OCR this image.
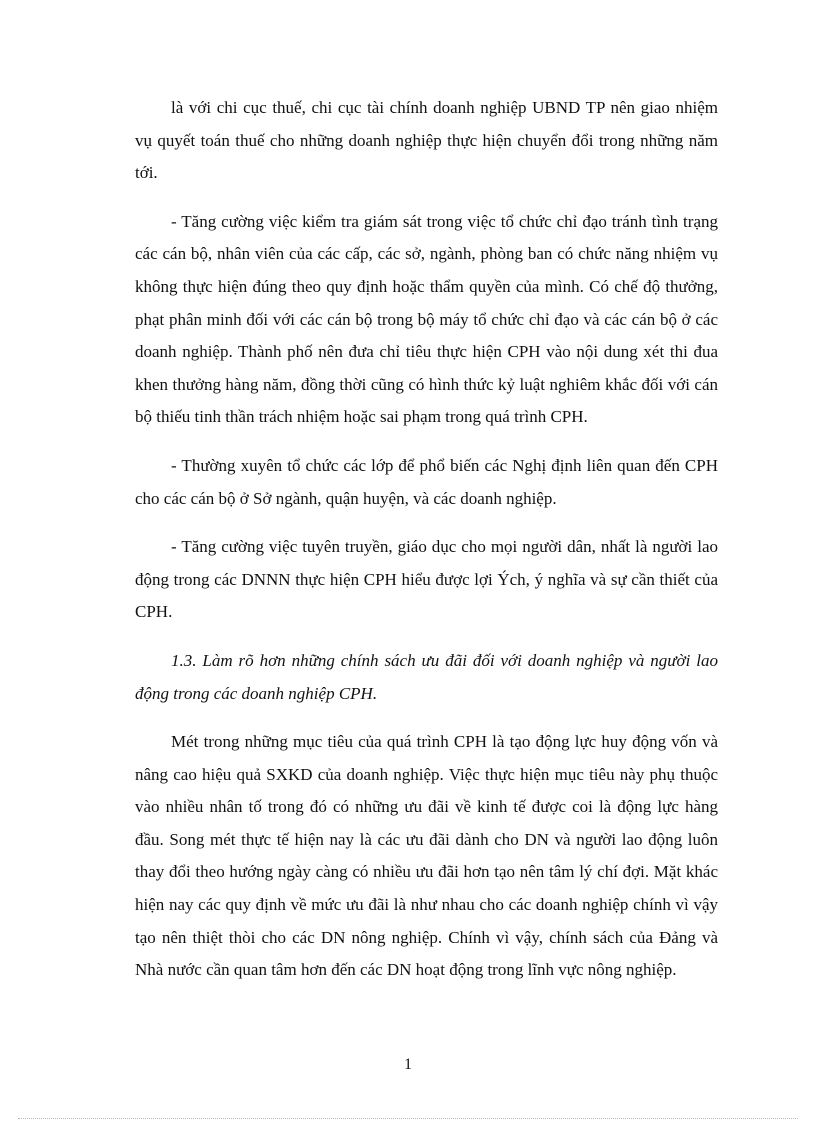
là với chi cục thuế, chi cục tài chính doanh nghiệp UBND TP nên giao nhiệm vụ quyết toán thuế cho những doanh nghiệp thực hiện chuyển đổi trong những năm tới.

- Tăng cường việc kiểm tra giám sát trong việc tổ chức chỉ đạo tránh tình trạng các cán bộ, nhân viên của các cấp, các sở, ngành, phòng ban có chức năng nhiệm vụ không thực hiện đúng theo quy định hoặc thẩm quyền của mình. Có chế độ thưởng, phạt phân minh đối với các cán bộ trong bộ máy tổ chức chỉ đạo và các cán bộ ở các doanh nghiệp. Thành phố nên đưa chỉ tiêu thực hiện CPH vào nội dung xét thi đua khen thưởng hàng năm, đồng thời cũng có hình thức kỷ luật nghiêm khắc đối với cán bộ thiếu tinh thần trách nhiệm hoặc sai phạm trong quá trình CPH.

- Thường xuyên tổ chức các lớp để phổ biến các Nghị định liên quan đến CPH cho các cán bộ ở Sở ngành, quận huyện, và các doanh nghiệp.

- Tăng cường việc tuyên truyền, giáo dục cho mọi người dân, nhất là người lao động trong các DNNN thực hiện CPH hiểu được lợi Ých, ý nghĩa và sự cần thiết của CPH.

1.3. Làm rõ hơn những chính sách ưu đãi đối với doanh nghiệp và người lao động trong các doanh nghiệp CPH.

Mét trong những mục tiêu của quá trình CPH là tạo động lực huy động vốn và nâng cao hiệu quả SXKD của doanh nghiệp. Việc thực hiện mục tiêu này phụ thuộc vào nhiều nhân tố trong đó có những ưu đãi về kinh tế được coi là động lực hàng đầu. Song mét thực tế hiện nay là các ưu đãi dành cho DN và người lao động luôn thay đổi theo hướng ngày càng có nhiều ưu đãi hơn tạo nên tâm lý chí đợi. Mặt khác hiện nay các quy định về mức ưu đãi là như nhau cho các doanh nghiệp chính vì vậy tạo nên thiệt thòi cho các DN nông nghiệp. Chính vì vậy, chính sách của Đảng và Nhà nước cần quan tâm hơn đến các DN hoạt động trong lĩnh vực nông nghiệp.

1
